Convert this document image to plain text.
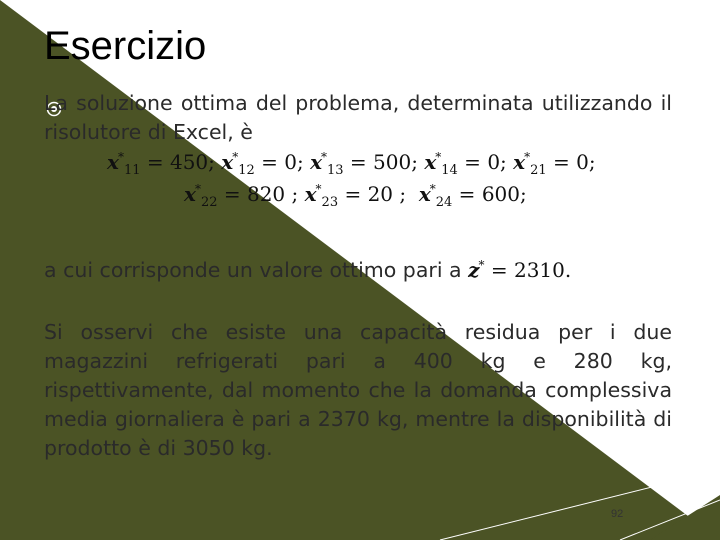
Esercizio
La soluzione ottima del problema, determinata utilizzando il risolutore di Excel, è
$x^*_{11} = 450$; $x^*_{12} = 0$; $x^*_{13} = 500$; $x^*_{14} = 0$; $x^*_{21} = 0$;
$x^*_{22} = 820$ ; $x^*_{23} = 20$ ;  $x^*_{24} = 600$;
a cui corrisponde un valore ottimo pari a z* = 2310.
Si osservi che esiste una capacità residua per i due magazzini refrigerati pari a 400 kg e 280 kg, rispettivamente, dal momento che la domanda complessiva media giornaliera è pari a 2370 kg, mentre la disponibilità di prodotto è di 3050 kg.
92
